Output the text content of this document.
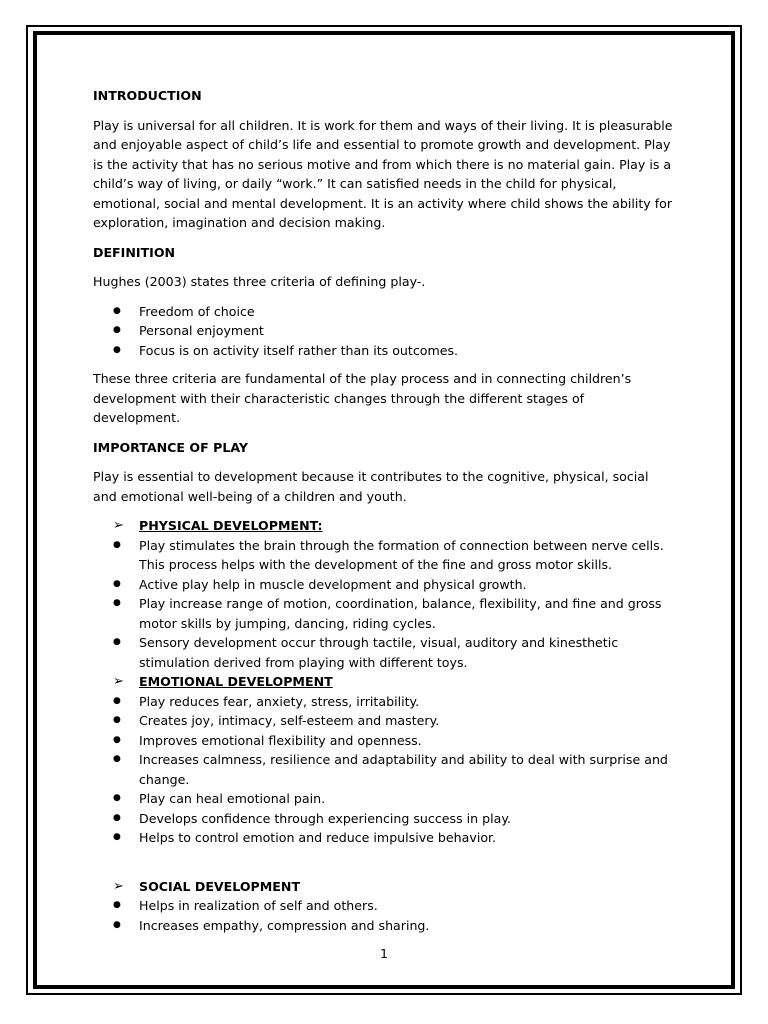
INTRODUCTION

Play is universal for all children. It is work for them and ways of their living. It is pleasurable and enjoyable aspect of child’s life and essential to promote growth and development. Play is the activity that has no serious motive and from which there is no material gain. Play is a child’s way of living, or daily “work.” It can satisfied needs in the child for physical, emotional, social and mental development. It is an activity where child shows the ability for exploration, imagination and decision making.

DEFINITION

Hughes (2003) states three criteria of defining play-.

● Freedom of choice
● Personal enjoyment
● Focus is on activity itself rather than its outcomes.

These three criteria are fundamental of the play process and in connecting children’s development with their characteristic changes through the different stages of development.

IMPORTANCE OF PLAY

Play is essential to development because it contributes to the cognitive, physical, social and emotional well-being of a children and youth.

➢ PHYSICAL DEVELOPMENT:
● Play stimulates the brain through the formation of connection between nerve cells. This process helps with the development of the fine and gross motor skills.
● Active play help in muscle development and physical growth.
● Play increase range of motion, coordination, balance, flexibility, and fine and gross motor skills by jumping, dancing, riding cycles.
● Sensory development occur through tactile, visual, auditory and kinesthetic stimulation derived from playing with different toys.
➢ EMOTIONAL DEVELOPMENT
● Play reduces fear, anxiety, stress, irritability.
● Creates joy, intimacy, self-esteem and mastery.
● Improves emotional flexibility and openness.
● Increases calmness, resilience and adaptability and ability to deal with surprise and change.
● Play can heal emotional pain.
● Develops confidence through experiencing success in play.
● Helps to control emotion and reduce impulsive behavior.
➢ SOCIAL DEVELOPMENT
● Helps in realization of self and others.
● Increases empathy, compression and sharing.
1
